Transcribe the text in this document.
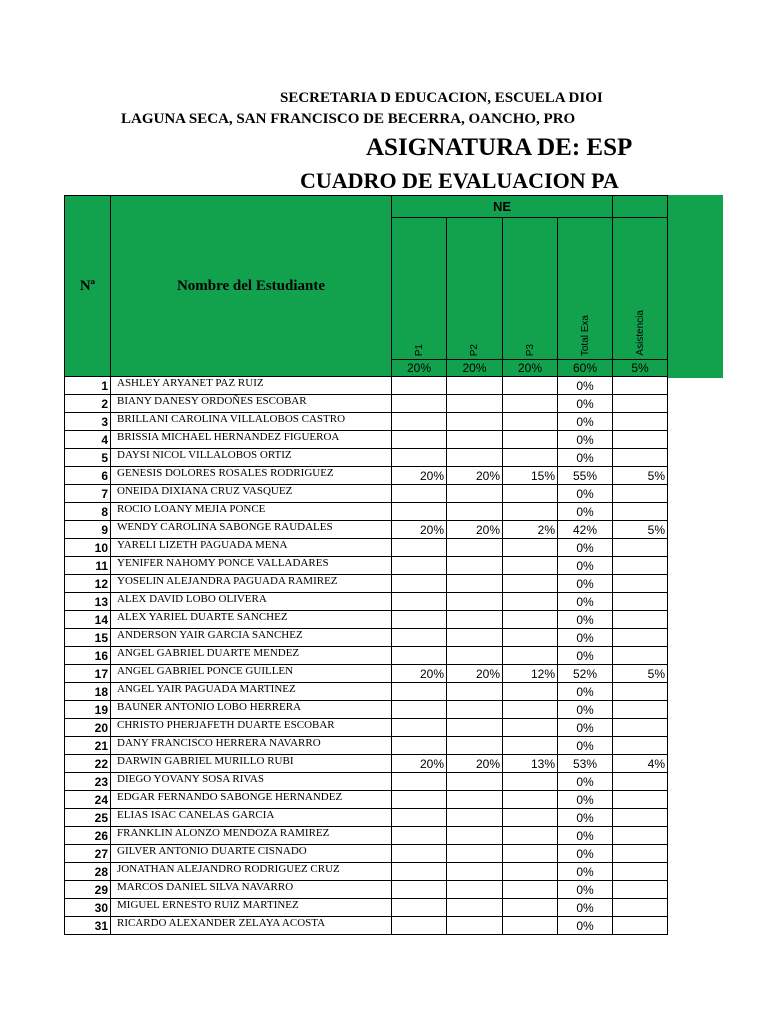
SECRETARIA D EDUCACION, ESCUELA DIOI
LAGUNA SECA, SAN FRANCISCO DE BECERRA, OANCHO, PRO
ASIGNATURA DE: ESP
CUADRO DE EVALUACION PA
Nª	Nombre del Estudiante	NE				
		P1	P2	P3	Total Exa	Asistencia
		20%	20%	20%	60%	5%
1	ASHLEY ARYANET PAZ RUIZ				0%	
2	BIANY DANESY ORDOÑES ESCOBAR				0%	
3	BRILLANI CAROLINA VILLALOBOS CASTRO				0%	
4	BRISSIA MICHAEL HERNANDEZ FIGUEROA				0%	
5	DAYSI NICOL VILLALOBOS ORTIZ				0%	
6	GENESIS DOLORES ROSALES RODRIGUEZ	20%	20%	15%	55%	5%
7	ONEIDA DIXIANA CRUZ VASQUEZ				0%	
8	ROCIO LOANY MEJIA PONCE				0%	
9	WENDY CAROLINA SABONGE RAUDALES	20%	20%	2%	42%	5%
10	YARELI LIZETH PAGUADA MENA				0%	
11	YENIFER NAHOMY PONCE VALLADARES				0%	
12	YOSELIN ALEJANDRA PAGUADA RAMIREZ				0%	
13	ALEX DAVID LOBO OLIVERA				0%	
14	ALEX YARIEL DUARTE SANCHEZ				0%	
15	ANDERSON YAIR GARCIA SANCHEZ				0%	
16	ANGEL GABRIEL DUARTE MENDEZ				0%	
17	ANGEL GABRIEL PONCE GUILLEN	20%	20%	12%	52%	5%
18	ANGEL YAIR PAGUADA MARTINEZ				0%	
19	BAUNER ANTONIO LOBO HERRERA				0%	
20	CHRISTO PHERJAFETH DUARTE ESCOBAR				0%	
21	DANY FRANCISCO HERRERA NAVARRO				0%	
22	DARWIN GABRIEL MURILLO RUBI	20%	20%	13%	53%	4%
23	DIEGO YOVANY SOSA RIVAS				0%	
24	EDGAR FERNANDO SABONGE HERNANDEZ				0%	
25	ELIAS ISAC CANELAS GARCIA				0%	
26	FRANKLIN ALONZO MENDOZA RAMIREZ				0%	
27	GILVER ANTONIO DUARTE CISNADO				0%	
28	JONATHAN ALEJANDRO RODRIGUEZ CRUZ				0%	
29	MARCOS DANIEL SILVA NAVARRO				0%	
30	MIGUEL ERNESTO RUIZ MARTINEZ				0%	
31	RICARDO ALEXANDER ZELAYA ACOSTA				0%	
